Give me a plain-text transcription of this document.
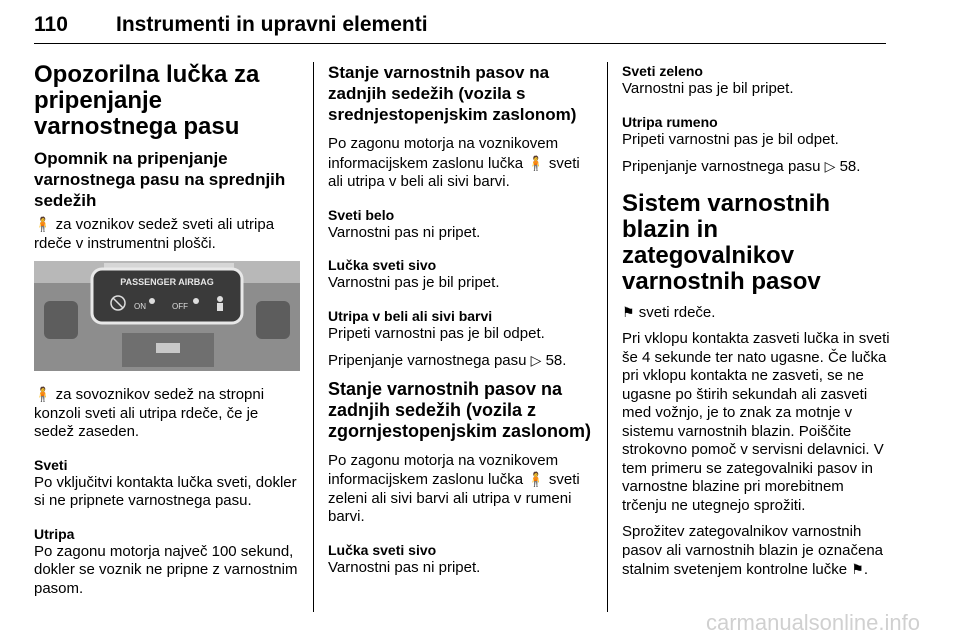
110 Instrumenti in upravni elementi
Opozorilna lučka za pripenjanje varnostnega pasu
Opomnik na pripenjanje varnostnega pasu na sprednjih sedežih

🧍 za voznikov sedež sveti ali utripa rdeče v instrumentni plošči.

PASSENGER AIRBAG
ON	OFF

🧍 za sovoznikov sedež na stropni konzoli sveti ali utripa rdeče, če je sedež zaseden.

Sveti

Po vključitvi kontakta lučka sveti, dokler si ne pripnete varnostnega pasu.

Utripa

Po zagonu motorja največ 100 sekund, dokler se voznik ne pripne z varnostnim pasom.

Stanje varnostnih pasov na zadnjih sedežih (vozila s srednjestopenjskim zaslonom)

Po zagonu motorja na voznikovem informacijskem zaslonu lučka 🧍 sveti ali utripa v beli ali sivi barvi.

Sveti belo

Varnostni pas ni pripet.

Lučka sveti sivo

Varnostni pas je bil pripet.

Utripa v beli ali sivi barvi

Pripeti varnostni pas je bil odpet.

Pripenjanje varnostnega pasu ▷ 58.

Stanje varnostnih pasov na zadnjih sedežih (vozila z zgornjestopenjskim zaslonom)

Po zagonu motorja na voznikovem informacijskem zaslonu lučka 🧍 sveti zeleni ali sivi barvi ali utripa v rumeni barvi.

Lučka sveti sivo

Varnostni pas ni pripet.

Sveti zeleno

Varnostni pas je bil pripet.

Utripa rumeno

Pripeti varnostni pas je bil odpet.

Pripenjanje varnostnega pasu ▷ 58.

Sistem varnostnih blazin in zategovalnikov varnostnih pasov

⚑ sveti rdeče.

Pri vklopu kontakta zasveti lučka in sveti še 4 sekunde ter nato ugasne. Če lučka pri vklopu kontakta ne zasveti, se ne ugasne po štirih sekundah ali zasveti med vožnjo, je to znak za motnje v sistemu varnostnih blazin. Poiščite strokovno pomoč v servisni delavnici. V tem primeru se zategovalniki pasov in varnostne blazine pri morebitnem trčenju ne utegnejo sprožiti.

Sprožitev zategovalnikov varnostnih pasov ali varnostnih blazin je označena stalnim svetenjem kontrolne lučke ⚑.

carmanualsonline.info
